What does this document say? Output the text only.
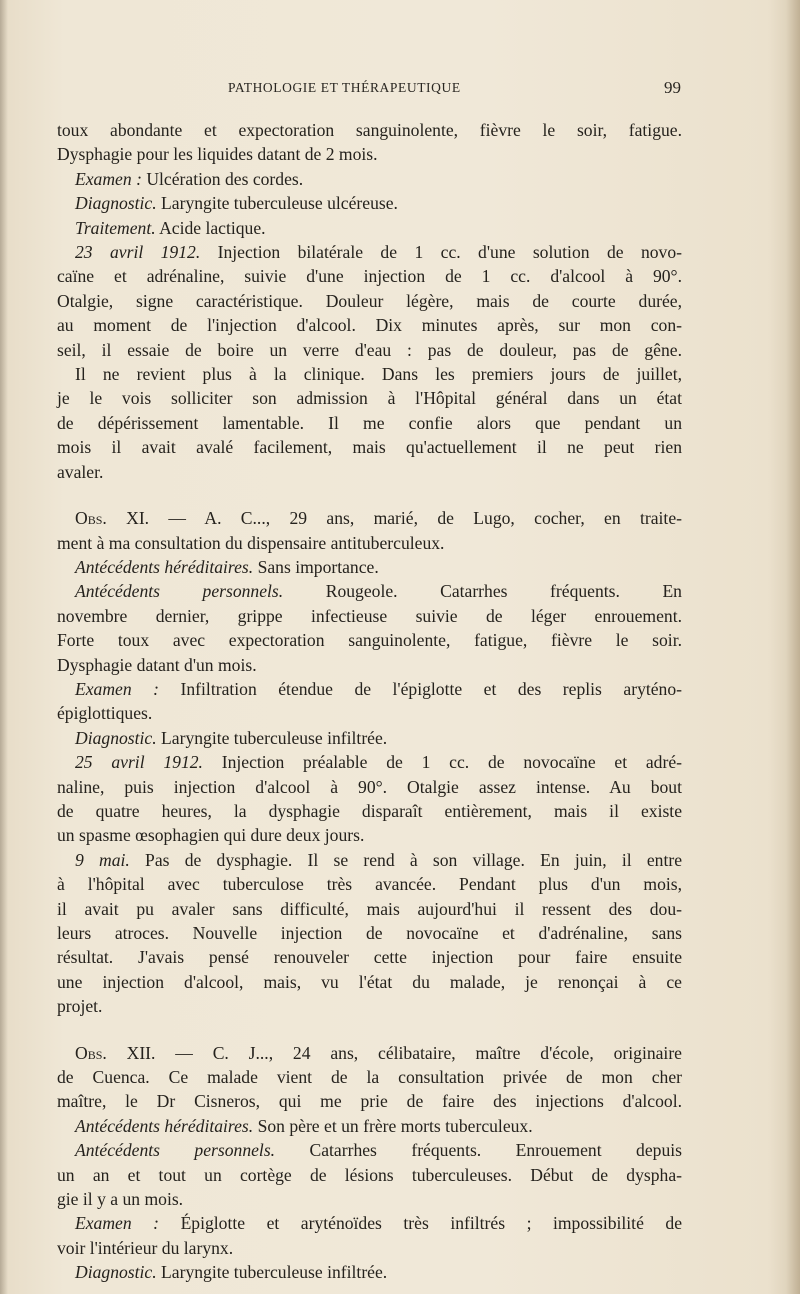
PATHOLOGIE ET THÉRAPEUTIQUE	99

toux abondante et expectoration sanguinolente, fièvre le soir, fatigue.

Dysphagie pour les liquides datant de 2 mois.

Examen : Ulcération des cordes.

Diagnostic. Laryngite tuberculeuse ulcéreuse.

Traitement. Acide lactique.

23 avril 1912. Injection bilatérale de 1 cc. d'une solution de novo-

caïne et adrénaline, suivie d'une injection de 1 cc. d'alcool à 90°.

Otalgie, signe caractéristique. Douleur légère, mais de courte durée,

au moment de l'injection d'alcool. Dix minutes après, sur mon con-

seil, il essaie de boire un verre d'eau : pas de douleur, pas de gêne.

Il ne revient plus à la clinique. Dans les premiers jours de juillet,

je le vois solliciter son admission à l'Hôpital général dans un état

de dépérissement lamentable. Il me confie alors que pendant un

mois il avait avalé facilement, mais qu'actuellement il ne peut rien

avaler.

Obs. XI. — A. C..., 29 ans, marié, de Lugo, cocher, en traite-

ment à ma consultation du dispensaire antituberculeux.

Antécédents héréditaires. Sans importance.

Antécédents personnels. Rougeole. Catarrhes fréquents. En

novembre dernier, grippe infectieuse suivie de léger enrouement.

Forte toux avec expectoration sanguinolente, fatigue, fièvre le soir.

Dysphagie datant d'un mois.

Examen : Infiltration étendue de l'épiglotte et des replis aryténo-

épiglottiques.

Diagnostic. Laryngite tuberculeuse infiltrée.

25 avril 1912. Injection préalable de 1 cc. de novocaïne et adré-

naline, puis injection d'alcool à 90°. Otalgie assez intense. Au bout

de quatre heures, la dysphagie disparaît entièrement, mais il existe

un spasme œsophagien qui dure deux jours.

9 mai. Pas de dysphagie. Il se rend à son village. En juin, il entre

à l'hôpital avec tuberculose très avancée. Pendant plus d'un mois,

il avait pu avaler sans difficulté, mais aujourd'hui il ressent des dou-

leurs atroces. Nouvelle injection de novocaïne et d'adrénaline, sans

résultat. J'avais pensé renouveler cette injection pour faire ensuite

une injection d'alcool, mais, vu l'état du malade, je renonçai à ce

projet.

Obs. XII. — C. J..., 24 ans, célibataire, maître d'école, originaire

de Cuenca. Ce malade vient de la consultation privée de mon cher

maître, le Dr Cisneros, qui me prie de faire des injections d'alcool.

Antécédents héréditaires. Son père et un frère morts tuberculeux.

Antécédents personnels. Catarrhes fréquents. Enrouement depuis

un an et tout un cortège de lésions tuberculeuses. Début de dyspha-

gie il y a un mois.

Examen : Épiglotte et aryténoïdes très infiltrés ; impossibilité de

voir l'intérieur du larynx.

Diagnostic. Laryngite tuberculeuse infiltrée.
